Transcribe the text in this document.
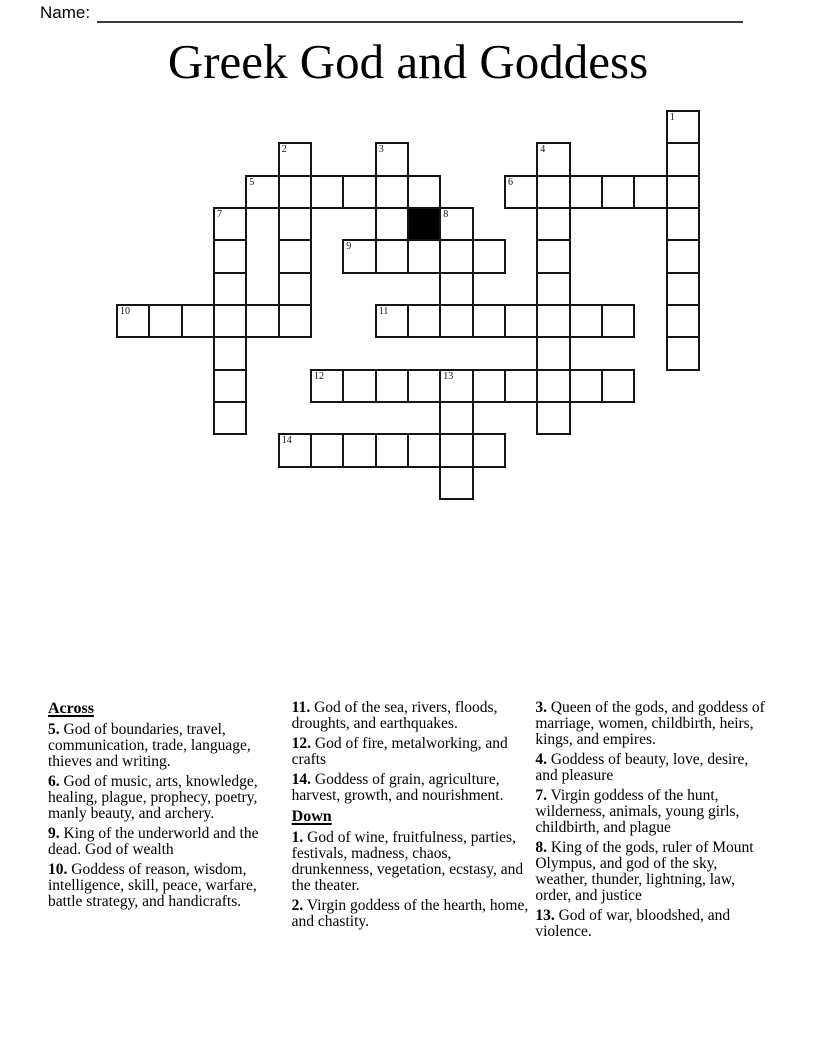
Name:
Greek God and Goddess
1
2	3	4
5	6
7	8
9
10	11
12	13
14
Across
5. God of boundaries, travel, communication, trade, language, thieves and writing.
6. God of music, arts, knowledge, healing, plague, prophecy, poetry, manly beauty, and archery.
9. King of the underworld and the dead. God of wealth
10. Goddess of reason, wisdom, intelligence, skill, peace, warfare, battle strategy, and handicrafts.
11. God of the sea, rivers, floods, droughts, and earthquakes.
12. God of fire, metalworking, and crafts
14. Goddess of grain, agriculture, harvest, growth, and nourishment.
Down
1. God of wine, fruitfulness, parties, festivals, madness, chaos, drunkenness, vegetation, ecstasy, and the theater.
2. Virgin goddess of the hearth, home, and chastity.
3. Queen of the gods, and goddess of marriage, women, childbirth, heirs, kings, and empires.
4. Goddess of beauty, love, desire, and pleasure
7. Virgin goddess of the hunt, wilderness, animals, young girls, childbirth, and plague
8. King of the gods, ruler of Mount Olympus, and god of the sky, weather, thunder, lightning, law, order, and justice
13. God of war, bloodshed, and violence.
